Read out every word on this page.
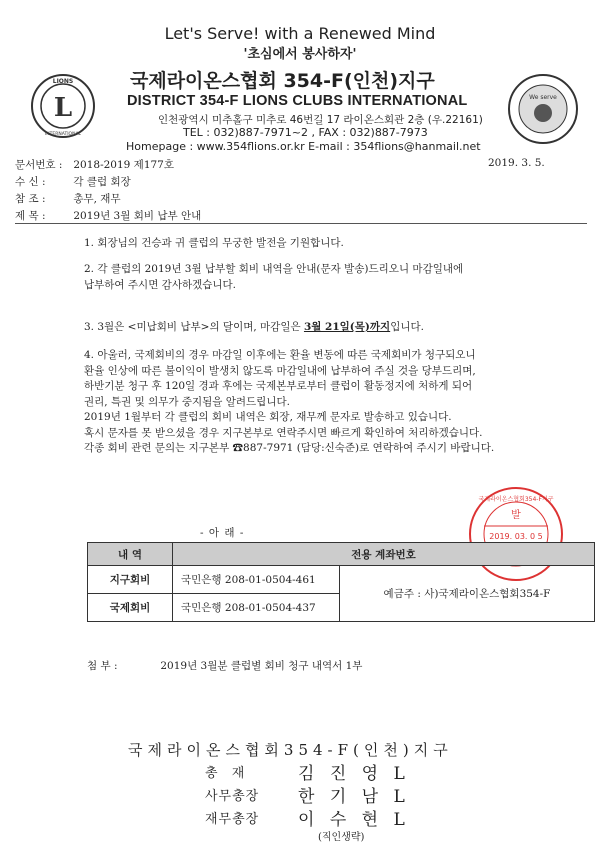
Let's Serve! with a Renewed Mind
'초심에서 봉사하자'
L
LIONS
INTERNATIONAL
We serve
국제라이온스협회 354-F(인천)지구
DISTRICT 354-F LIONS CLUBS INTERNATIONAL
인천광역시 미추홀구 미추로 46번길 17 라이온스회관 2층 (우.22161)
TEL : 032)887-7971~2 , FAX : 032)887-7973
Homepage : www.354flions.or.kr E-mail : 354flions@hanmail.net
문서번호 : 2018-2019 제177호	2019. 3. 5.
수 신 :	각 클럽 회장
참 조 :	총무, 재무
제 목 :	2019년 3월 회비 납부 안내
1. 회장님의 건승과 귀 클럽의 무궁한 발전을 기원합니다.
2. 각 클럽의 2019년 3월 납부할 회비 내역을 안내(문자 발송)드리오니 마감일내에
납부하여 주시면 감사하겠습니다.
3. 3월은 <미납회비 납부>의 달이며, 마감일은 3월 21일(목)까지입니다.
4. 아울러, 국제회비의 경우 마감일 이후에는 환율 변동에 따른 국제회비가 청구되오니
환율 인상에 따른 불이익이 발생치 않도록 마감일내에 납부하여 주실 것을 당부드리며,
하반기분 청구 후 120일 경과 후에는 국제본부로부터 클럽이 활동정지에 처하게 되어
권리, 특권 및 의무가 중지됨을 알려드립니다.
2019년 1월부터 각 클럽의 회비 내역은 회장, 재무께 문자로 발송하고 있습니다.
혹시 문자를 못 받으셨을 경우 지구본부로 연락주시면 빠르게 확인하여 처리하겠습니다.
각종 회비 관련 문의는 지구본부 ☎887-7971 (담당:신숙준)로 연락하여 주시기 바랍니다.
국제라이온스협회354-F지구
발
2019. 03. 0 5
- 아 래 -
내 역	전용 계좌번호	
지구회비	국민은행 208-01-0504-461	예금주 : 사)국제라이온스협회354-F
국제회비	국민은행 208-01-0504-437	
첨 부 :	2019년 3월분 클럽별 회비 청구 내역서 1부
국제라이온스협회354-F(인천)지구
총 재	김 진 영 L
사무총장 한 기 남 L
재무총장 이 수 현 L
(직인생략)
